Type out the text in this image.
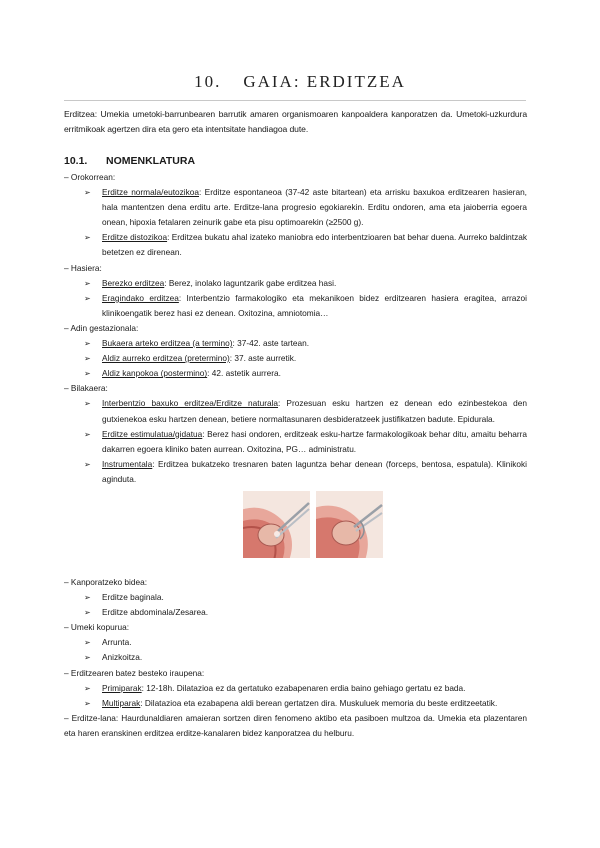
10. GAIA: ERDITZEA
Erditzea: Umekia umetoki-barrunbearen barrutik amaren organismoaren kanpoaldera kanporatzen da. Umetoki-uzkurdura erritmikoak agertzen dira eta gero eta intentsitate handiagoa dute.
10.1. NOMENKLATURA
– Orokorrean:
➢ Erditze normala/eutozikoa: Erditze espontaneoa (37-42 aste bitartean) eta arrisku baxukoa erditzearen hasieran, hala mantentzen dena erditu arte. Erditze-lana progresio egokiarekin. Erditu ondoren, ama eta jaioberria egoera onean, hipoxia fetalaren zeinurik gabe eta pisu optimoarekin (≥2500 g).
➢ Erditze distozikoa: Erditzea bukatu ahal izateko maniobra edo interbentzioaren bat behar duena. Aurreko baldintzak betetzen ez direnean.
– Hasiera:
➢ Berezko erditzea: Berez, inolako laguntzarik gabe erditzea hasi.
➢ Eragindako erditzea: Interbentzio farmakologiko eta mekanikoen bidez erditzearen hasiera eragitea, arrazoi klinikoengatik berez hasi ez denean. Oxitozina, amniotomia…
– Adin gestazionala:
➢ Bukaera arteko erditzea (a termino): 37-42. aste tartean.
➢ Aldiz aurreko erditzea (pretermino): 37. aste aurretik.
➢ Aldiz kanpokoa (postermino): 42. astetik aurrera.
– Bilakaera:
➢ Interbentzio baxuko erditzea/Erditze naturala: Prozesuan esku hartzen ez denean edo ezinbestekoa den gutxienekoa esku hartzen denean, betiere normaltasunaren desbideratzeek justifikatzen badute. Epidurala.
➢ Erditze estimulatua/gidatua: Berez hasi ondoren, erditzeak esku-hartze farmakologikoak behar ditu, amaitu beharra dakarren egoera kliniko baten aurrean. Oxitozina, PG… administratu.
➢ Instrumentala: Erditzea bukatzeko tresnaren baten laguntza behar denean (forceps, bentosa, espatula). Klinikoki aginduta.
– Kanporatzeko bidea:
➢ Erditze baginala.
➢ Erditze abdominala/Zesarea.
– Umeki kopurua:
➢ Arrunta.
➢ Anizkoitza.
– Erditzearen batez besteko iraupena:
➢ Primiparak: 12-18h. Dilatazioa ez da gertatuko ezabapenaren erdia baino gehiago gertatu ez bada.
➢ Multiparak: Dilatazioa eta ezabapena aldi berean gertatzen dira. Muskuluek memoria du beste erditzeetatik.
– Erditze-lana: Haurdunaldiaren amaieran sortzen diren fenomeno aktibo eta pasiboen multzoa da. Umekia eta plazentaren eta haren eranskinen erditzea erditze-kanalaren bidez kanporatzea du helburu.
